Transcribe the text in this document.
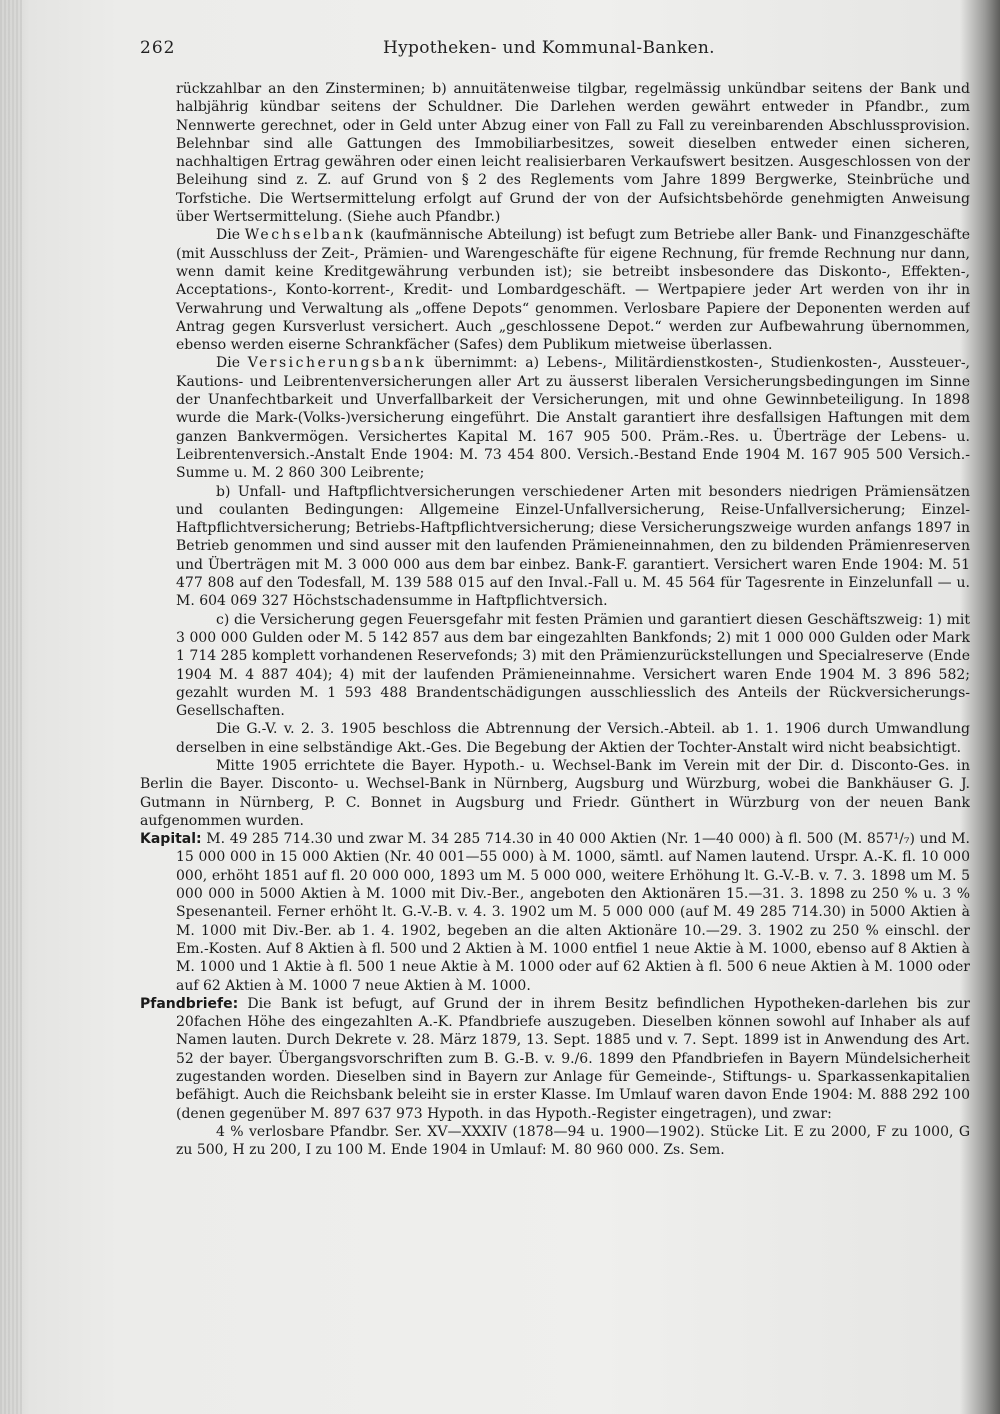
262	Hypotheken- und Kommunal-Banken.

rückzahlbar an den Zinsterminen; b) annuitätenweise tilgbar, regelmässig unkündbar seitens der Bank und halbjährig kündbar seitens der Schuldner. Die Darlehen werden gewährt entweder in Pfandbr., zum Nennwerte gerechnet, oder in Geld unter Abzug einer von Fall zu Fall zu vereinbarenden Abschlussprovision. Belehnbar sind alle Gattungen des Immobiliarbesitzes, soweit dieselben entweder einen sicheren, nachhaltigen Ertrag gewähren oder einen leicht realisierbaren Verkaufswert besitzen. Ausgeschlossen von der Beleihung sind z. Z. auf Grund von § 2 des Reglements vom Jahre 1899 Bergwerke, Steinbrüche und Torfstiche. Die Wertsermittelung erfolgt auf Grund der von der Aufsichtsbehörde genehmigten Anweisung über Wertsermittelung. (Siehe auch Pfandbr.)

Die Wechselbank (kaufmännische Abteilung) ist befugt zum Betriebe aller Bank- und Finanzgeschäfte (mit Ausschluss der Zeit-, Prämien- und Warengeschäfte für eigene Rechnung, für fremde Rechnung nur dann, wenn damit keine Kreditgewährung verbunden ist); sie betreibt insbesondere das Diskonto-, Effekten-, Acceptations-, Konto-korrent-, Kredit- und Lombardgeschäft. — Wertpapiere jeder Art werden von ihr in Verwahrung und Verwaltung als „offene Depots“ genommen. Verlosbare Papiere der Deponenten werden auf Antrag gegen Kursverlust versichert. Auch „geschlossene Depot.“ werden zur Aufbewahrung übernommen, ebenso werden eiserne Schrankfächer (Safes) dem Publikum mietweise überlassen.

Die Versicherungsbank übernimmt: a) Lebens-, Militärdienstkosten-, Studienkosten-, Aussteuer-, Kautions- und Leibrentenversicherungen aller Art zu äusserst liberalen Versicherungsbedingungen im Sinne der Unanfechtbarkeit und Unverfallbarkeit der Versicherungen, mit und ohne Gewinnbeteiligung. In 1898 wurde die Mark-(Volks-)versicherung eingeführt. Die Anstalt garantiert ihre desfallsigen Haftungen mit dem ganzen Bankvermögen. Versichertes Kapital M. 167 905 500. Präm.-Res. u. Überträge der Lebens- u. Leibrentenversich.-Anstalt Ende 1904: M. 73 454 800. Versich.-Bestand Ende 1904 M. 167 905 500 Versich.-Summe u. M. 2 860 300 Leibrente;

b) Unfall- und Haftpflichtversicherungen verschiedener Arten mit besonders niedrigen Prämiensätzen und coulanten Bedingungen: Allgemeine Einzel-Unfallversicherung, Reise-Unfallversicherung; Einzel-Haftpflichtversicherung; Betriebs-Haftpflichtversicherung; diese Versicherungszweige wurden anfangs 1897 in Betrieb genommen und sind ausser mit den laufenden Prämieneinnahmen, den zu bildenden Prämienreserven und Überträgen mit M. 3 000 000 aus dem bar einbez. Bank-F. garantiert. Versichert waren Ende 1904: M. 51 477 808 auf den Todesfall, M. 139 588 015 auf den Inval.-Fall u. M. 45 564 für Tagesrente in Einzelunfall — u. M. 604 069 327 Höchstschadensumme in Haftpflichtversich.

c) die Versicherung gegen Feuersgefahr mit festen Prämien und garantiert diesen Geschäftszweig: 1) mit 3 000 000 Gulden oder M. 5 142 857 aus dem bar eingezahlten Bankfonds; 2) mit 1 000 000 Gulden oder Mark 1 714 285 komplett vorhandenen Reservefonds; 3) mit den Prämienzurückstellungen und Specialreserve (Ende 1904 M. 4 887 404); 4) mit der laufenden Prämieneinnahme. Versichert waren Ende 1904 M. 3 896 582; gezahlt wurden M. 1 593 488 Brandentschädigungen ausschliesslich des Anteils der Rückversicherungs-Gesellschaften.

Die G.-V. v. 2. 3. 1905 beschloss die Abtrennung der Versich.-Abteil. ab 1. 1. 1906 durch Umwandlung derselben in eine selbständige Akt.-Ges. Die Begebung der Aktien der Tochter-Anstalt wird nicht beabsichtigt.

Mitte 1905 errichtete die Bayer. Hypoth.- u. Wechsel-Bank im Verein mit der Dir. d. Disconto-Ges. in Berlin die Bayer. Disconto- u. Wechsel-Bank in Nürnberg, Augsburg und Würzburg, wobei die Bankhäuser G. J. Gutmann in Nürnberg, P. C. Bonnet in Augsburg und Friedr. Günthert in Würzburg von der neuen Bank aufgenommen wurden.

Kapital: M. 49 285 714.30 und zwar M. 34 285 714.30 in 40 000 Aktien (Nr. 1—40 000) à fl. 500 (M. 857¹/₇) und M. 15 000 000 in 15 000 Aktien (Nr. 40 001—55 000) à M. 1000, sämtl. auf Namen lautend. Urspr. A.-K. fl. 10 000 000, erhöht 1851 auf fl. 20 000 000, 1893 um M. 5 000 000, weitere Erhöhung lt. G.-V.-B. v. 7. 3. 1898 um M. 5 000 000 in 5000 Aktien à M. 1000 mit Div.-Ber., angeboten den Aktionären 15.—31. 3. 1898 zu 250 % u. 3 % Spesenanteil. Ferner erhöht lt. G.-V.-B. v. 4. 3. 1902 um M. 5 000 000 (auf M. 49 285 714.30) in 5000 Aktien à M. 1000 mit Div.-Ber. ab 1. 4. 1902, begeben an die alten Aktionäre 10.—29. 3. 1902 zu 250 % einschl. der Em.-Kosten. Auf 8 Aktien à fl. 500 und 2 Aktien à M. 1000 entfiel 1 neue Aktie à M. 1000, ebenso auf 8 Aktien à M. 1000 und 1 Aktie à fl. 500 1 neue Aktie à M. 1000 oder auf 62 Aktien à fl. 500 6 neue Aktien à M. 1000 oder auf 62 Aktien à M. 1000 7 neue Aktien à M. 1000.

Pfandbriefe: Die Bank ist befugt, auf Grund der in ihrem Besitz befindlichen Hypotheken-darlehen bis zur 20fachen Höhe des eingezahlten A.-K. Pfandbriefe auszugeben. Dieselben können sowohl auf Inhaber als auf Namen lauten. Durch Dekrete v. 28. März 1879, 13. Sept. 1885 und v. 7. Sept. 1899 ist in Anwendung des Art. 52 der bayer. Übergangsvorschriften zum B. G.-B. v. 9./6. 1899 den Pfandbriefen in Bayern Mündelsicherheit zugestanden worden. Dieselben sind in Bayern zur Anlage für Gemeinde-, Stiftungs- u. Sparkassenkapitalien befähigt. Auch die Reichsbank beleiht sie in erster Klasse. Im Umlauf waren davon Ende 1904: M. 888 292 100 (denen gegenüber M. 897 637 973 Hypoth. in das Hypoth.-Register eingetragen), und zwar:

4 % verlosbare Pfandbr. Ser. XV—XXXIV (1878—94 u. 1900—1902). Stücke Lit. E zu 2000, F zu 1000, G zu 500, H zu 200, I zu 100 M. Ende 1904 in Umlauf: M. 80 960 000. Zs. Sem.
